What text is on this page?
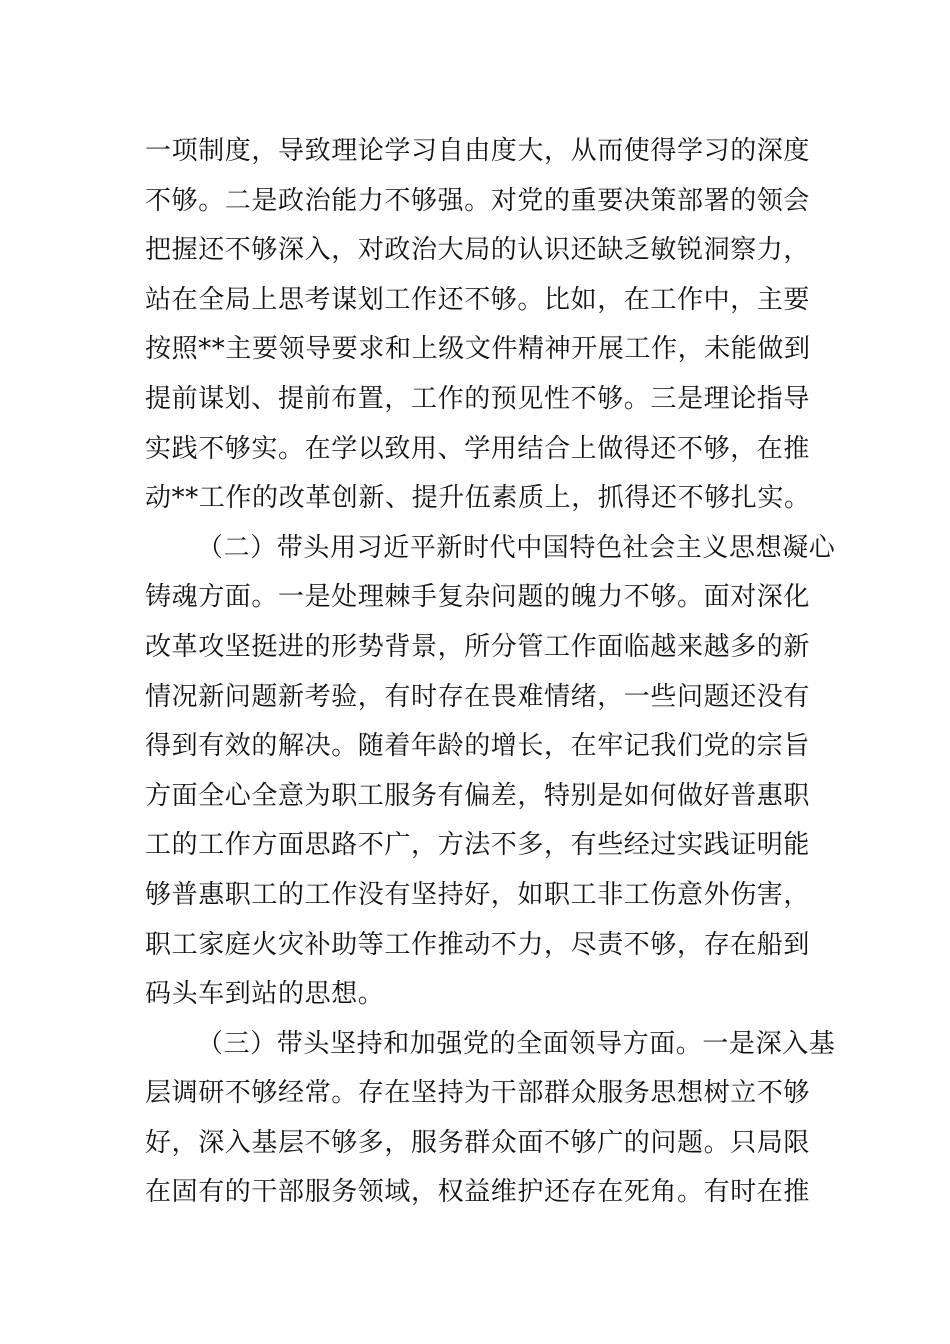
一项制度，导致理论学习自由度大，从而使得学习的深度
不够。二是政治能力不够强。对党的重要决策部署的领会
把握还不够深入，对政治大局的认识还缺乏敏锐洞察力，
站在全局上思考谋划工作还不够。比如，在工作中，主要
按照**主要领导要求和上级文件精神开展工作，未能做到
提前谋划、提前布置，工作的预见性不够。三是理论指导
实践不够实。在学以致用、学用结合上做得还不够，在推
动**工作的改革创新、提升伍素质上，抓得还不够扎实。
（二）带头用习近平新时代中国特色社会主义思想凝心
铸魂方面。一是处理棘手复杂问题的魄力不够。面对深化
改革攻坚挺进的形势背景，所分管工作面临越来越多的新
情况新问题新考验，有时存在畏难情绪，一些问题还没有
得到有效的解决。随着年龄的增长，在牢记我们党的宗旨
方面全心全意为职工服务有偏差，特别是如何做好普惠职
工的工作方面思路不广，方法不多，有些经过实践证明能
够普惠职工的工作没有坚持好，如职工非工伤意外伤害，
职工家庭火灾补助等工作推动不力，尽责不够，存在船到
码头车到站的思想。
（三）带头坚持和加强党的全面领导方面。一是深入基
层调研不够经常。存在坚持为干部群众服务思想树立不够
好，深入基层不够多，服务群众面不够广的问题。只局限
在固有的干部服务领域，权益维护还存在死角。有时在推
